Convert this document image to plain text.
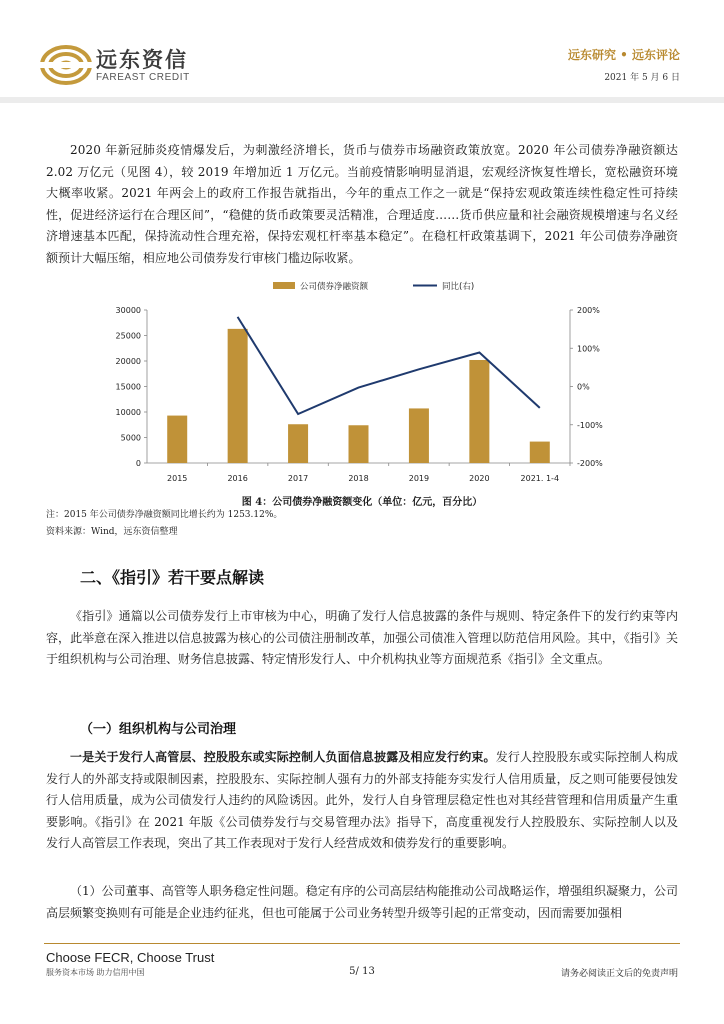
远东资信
FAREAST CREDIT
远东研究 • 远东评论
2021 年 5 月 6 日

2020 年新冠肺炎疫情爆发后，为刺激经济增长，货币与债券市场融资政策放宽。2020 年公司债券净融资额达 2.02 万亿元（见图 4），较 2019 年增加近 1 万亿元。当前疫情影响明显消退，宏观经济恢复性增长，宽松融资环境大概率收紧。2021 年两会上的政府工作报告就指出，今年的重点工作之一就是“保持宏观政策连续性稳定性可持续性，促进经济运行在合理区间”，“稳健的货币政策要灵活精准，合理适度……货币供应量和社会融资规模增速与名义经济增速基本匹配，保持流动性合理充裕，保持宏观杠杆率基本稳定”。在稳杠杆政策基调下，2021 年公司债券净融资额预计大幅压缩，相应地公司债券发行审核门槛边际收紧。

0
5000
10000
15000
20000
25000
30000
-200%
-100%
0%
100%
200%
2015	2016	2017	2018	2019	2020	2021. 1-4
公司债券净融资额	同比(右)
图 4：公司债券净融资额变化（单位：亿元，百分比）
注：2015 年公司债券净融资额同比增长约为 1253.12%。
资料来源：Wind，远东资信整理
二、《指引》若干要点解读

《指引》通篇以公司债券发行上市审核为中心，明确了发行人信息披露的条件与规则、特定条件下的发行约束等内容，此举意在深入推进以信息披露为核心的公司债注册制改革，加强公司债准入管理以防范信用风险。其中，《指引》关于组织机构与公司治理、财务信息披露、特定情形发行人、中介机构执业等方面规范系《指引》全文重点。

（一）组织机构与公司治理

一是关于发行人高管层、控股股东或实际控制人负面信息披露及相应发行约束。发行人控股股东或实际控制人构成发行人的外部支持或限制因素，控股股东、实际控制人强有力的外部支持能夯实发行人信用质量，反之则可能要侵蚀发行人信用质量，成为公司债发行人违约的风险诱因。此外，发行人自身管理层稳定性也对其经营管理和信用质量产生重要影响。《指引》在 2021 年版《公司债券发行与交易管理办法》指导下，高度重视发行人控股股东、实际控制人以及发行人高管层工作表现，突出了其工作表现对于发行人经营成效和债券发行的重要影响。

（1）公司董事、高管等人职务稳定性问题。稳定有序的公司高层结构能推动公司战略运作，增强组织凝聚力，公司高层频繁变换则有可能是企业违约征兆，但也可能属于公司业务转型升级等引起的正常变动，因而需要加强相

Choose FECR, Choose Trust
服务资本市场 助力信用中国	5/ 13	请务必阅读正文后的免责声明
